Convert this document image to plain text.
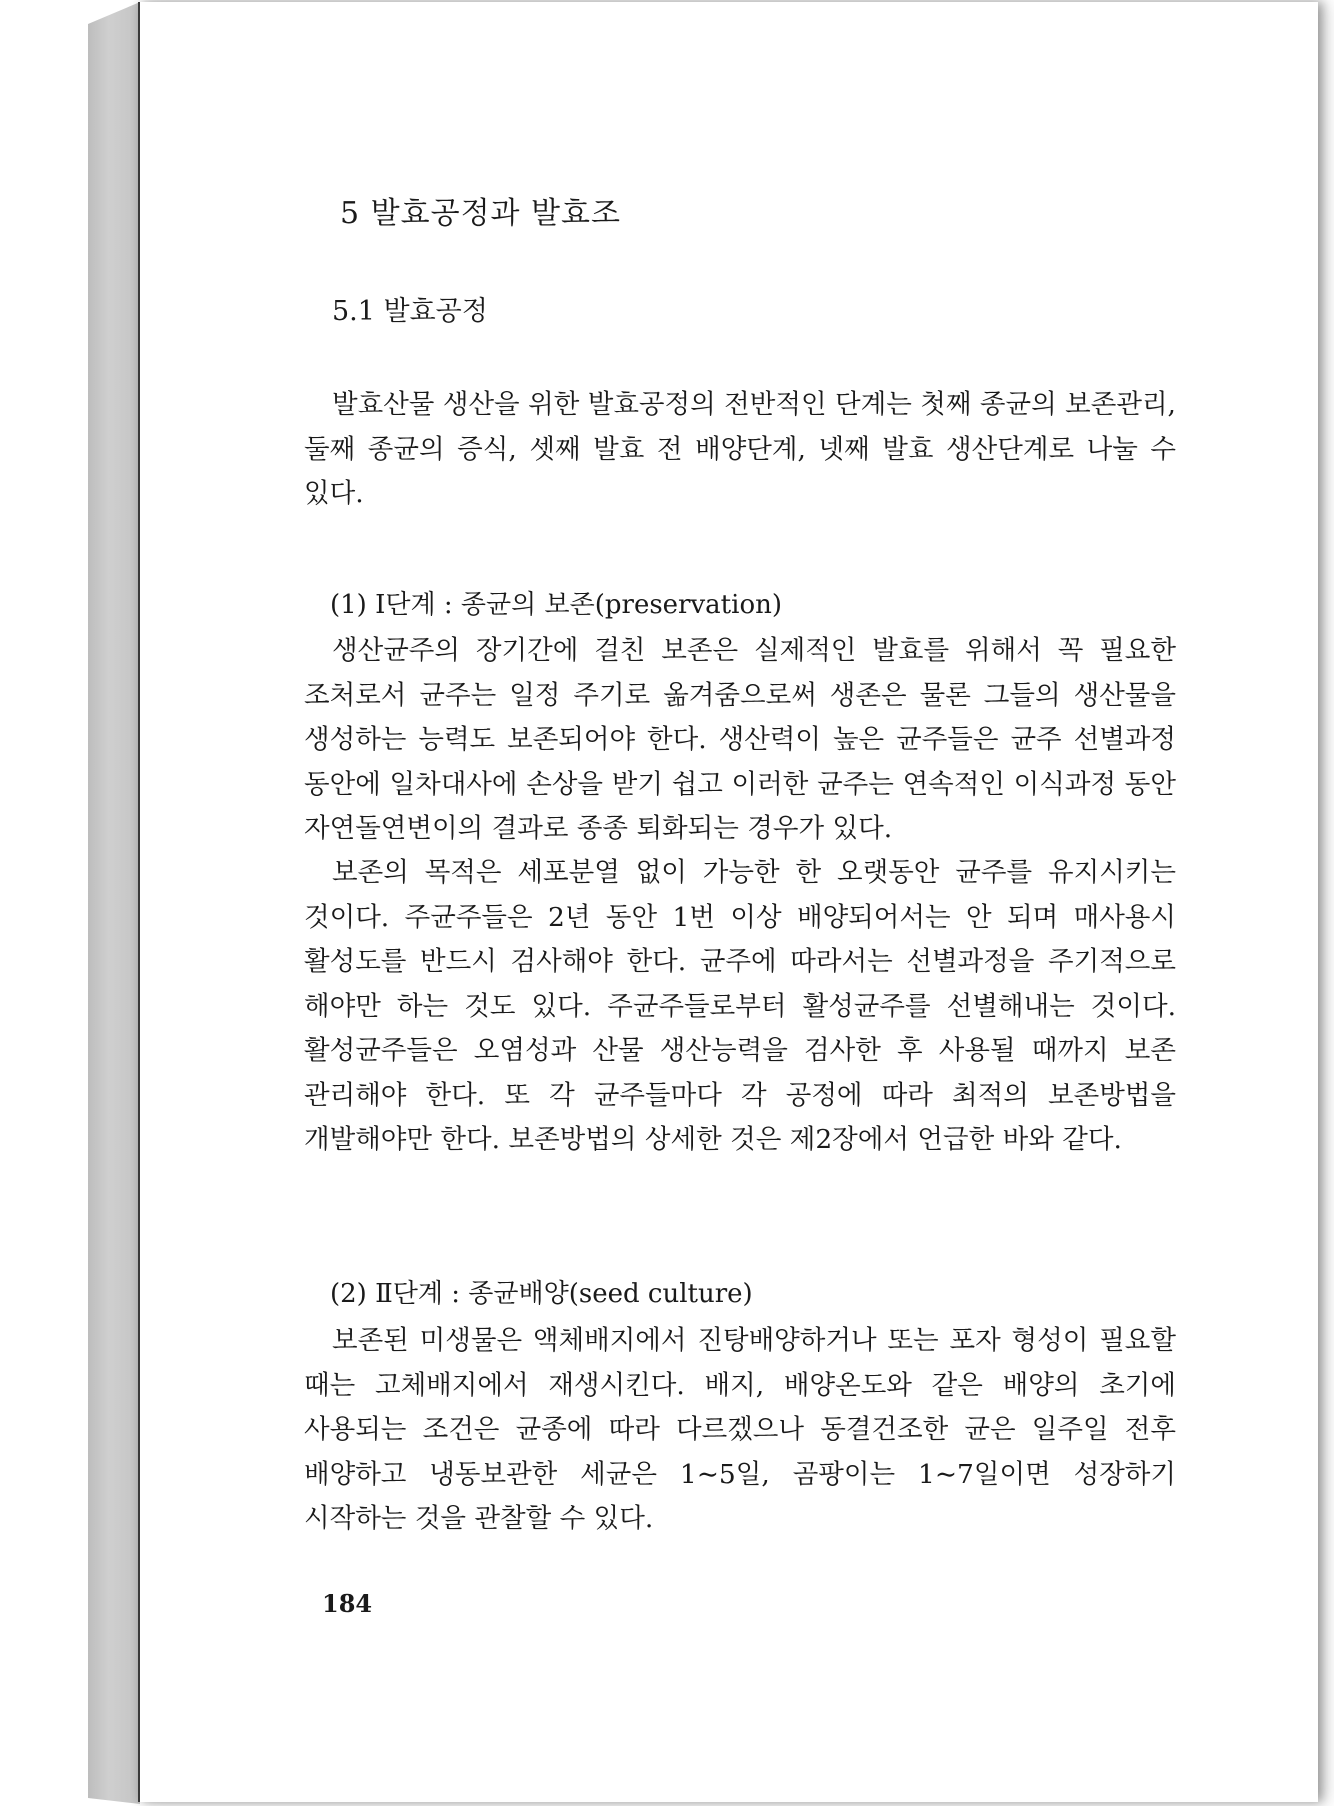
5 발효공정과 발효조
5.1 발효공정

발효산물 생산을 위한 발효공정의 전반적인 단계는 첫째 종균의 보존관리, 둘째 종균의 증식, 셋째 발효 전 배양단계, 넷째 발효 생산단계로 나눌 수 있다.

(1) Ⅰ단계 : 종균의 보존(preservation)

생산균주의 장기간에 걸친 보존은 실제적인 발효를 위해서 꼭 필요한 조처로서 균주는 일정 주기로 옮겨줌으로써 생존은 물론 그들의 생산물을 생성하는 능력도 보존되어야 한다. 생산력이 높은 균주들은 균주 선별과정 동안에 일차대사에 손상을 받기 쉽고 이러한 균주는 연속적인 이식과정 동안 자연돌연변이의 결과로 종종 퇴화되는 경우가 있다.

보존의 목적은 세포분열 없이 가능한 한 오랫동안 균주를 유지시키는 것이다. 주균주들은 2년 동안 1번 이상 배양되어서는 안 되며 매사용시 활성도를 반드시 검사해야 한다. 균주에 따라서는 선별과정을 주기적으로 해야만 하는 것도 있다. 주균주들로부터 활성균주를 선별해내는 것이다. 활성균주들은 오염성과 산물 생산능력을 검사한 후 사용될 때까지 보존 관리해야 한다. 또 각 균주들마다 각 공정에 따라 최적의 보존방법을 개발해야만 한다. 보존방법의 상세한 것은 제2장에서 언급한 바와 같다.

(2) Ⅱ단계 : 종균배양(seed culture)

보존된 미생물은 액체배지에서 진탕배양하거나 또는 포자 형성이 필요할 때는 고체배지에서 재생시킨다. 배지, 배양온도와 같은 배양의 초기에 사용되는 조건은 균종에 따라 다르겠으나 동결건조한 균은 일주일 전후 배양하고 냉동보관한 세균은 1∼5일, 곰팡이는 1∼7일이면 성장하기 시작하는 것을 관찰할 수 있다.

184
